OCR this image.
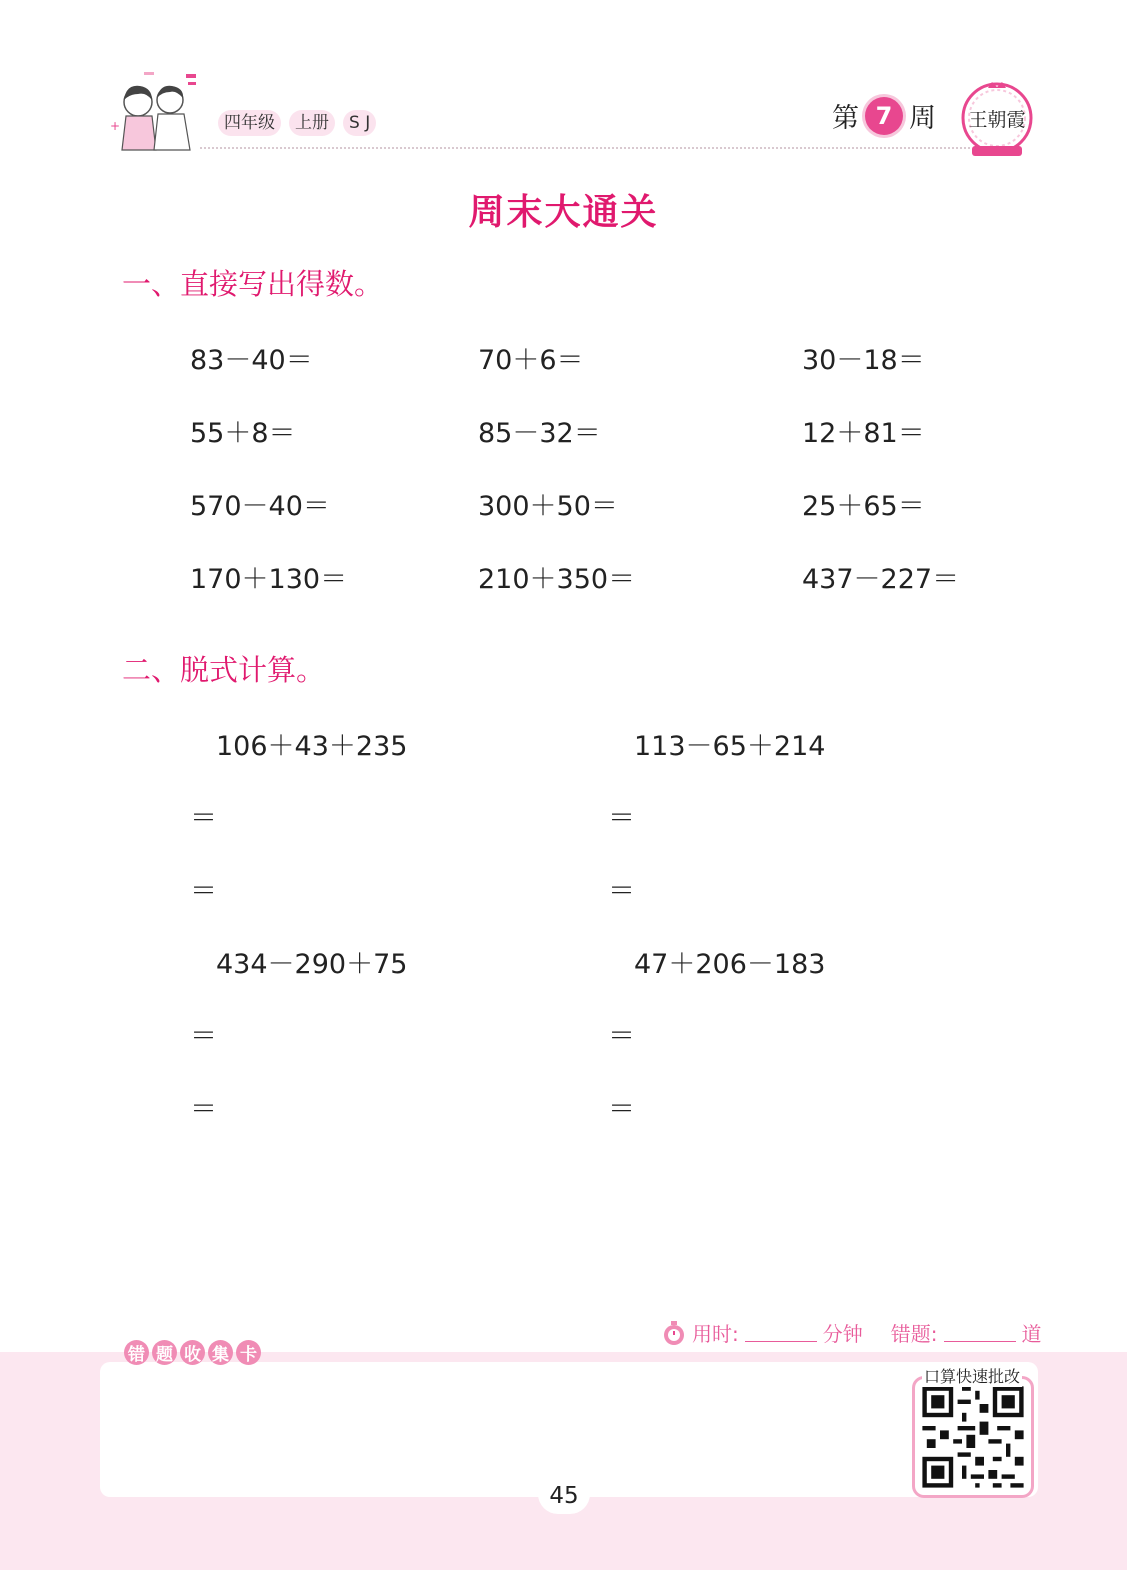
+	四年级	上册	S J	第 7 周 王朝霞
周末大通关
一、直接写出得数。
83－40＝	70＋6＝	30－18＝
55＋8＝	85－32＝	12＋81＝
570－40＝	300＋50＝	25＋65＝
170＋130＝	210＋350＝	437－227＝
二、脱式计算。
106＋43＋235	113－65＋214
＝	＝
＝	＝
434－290＋75	47＋206－183
＝	＝
＝	＝
用时:	分钟 错题:	道
错 题 收 集 卡
口算快速批改
45
